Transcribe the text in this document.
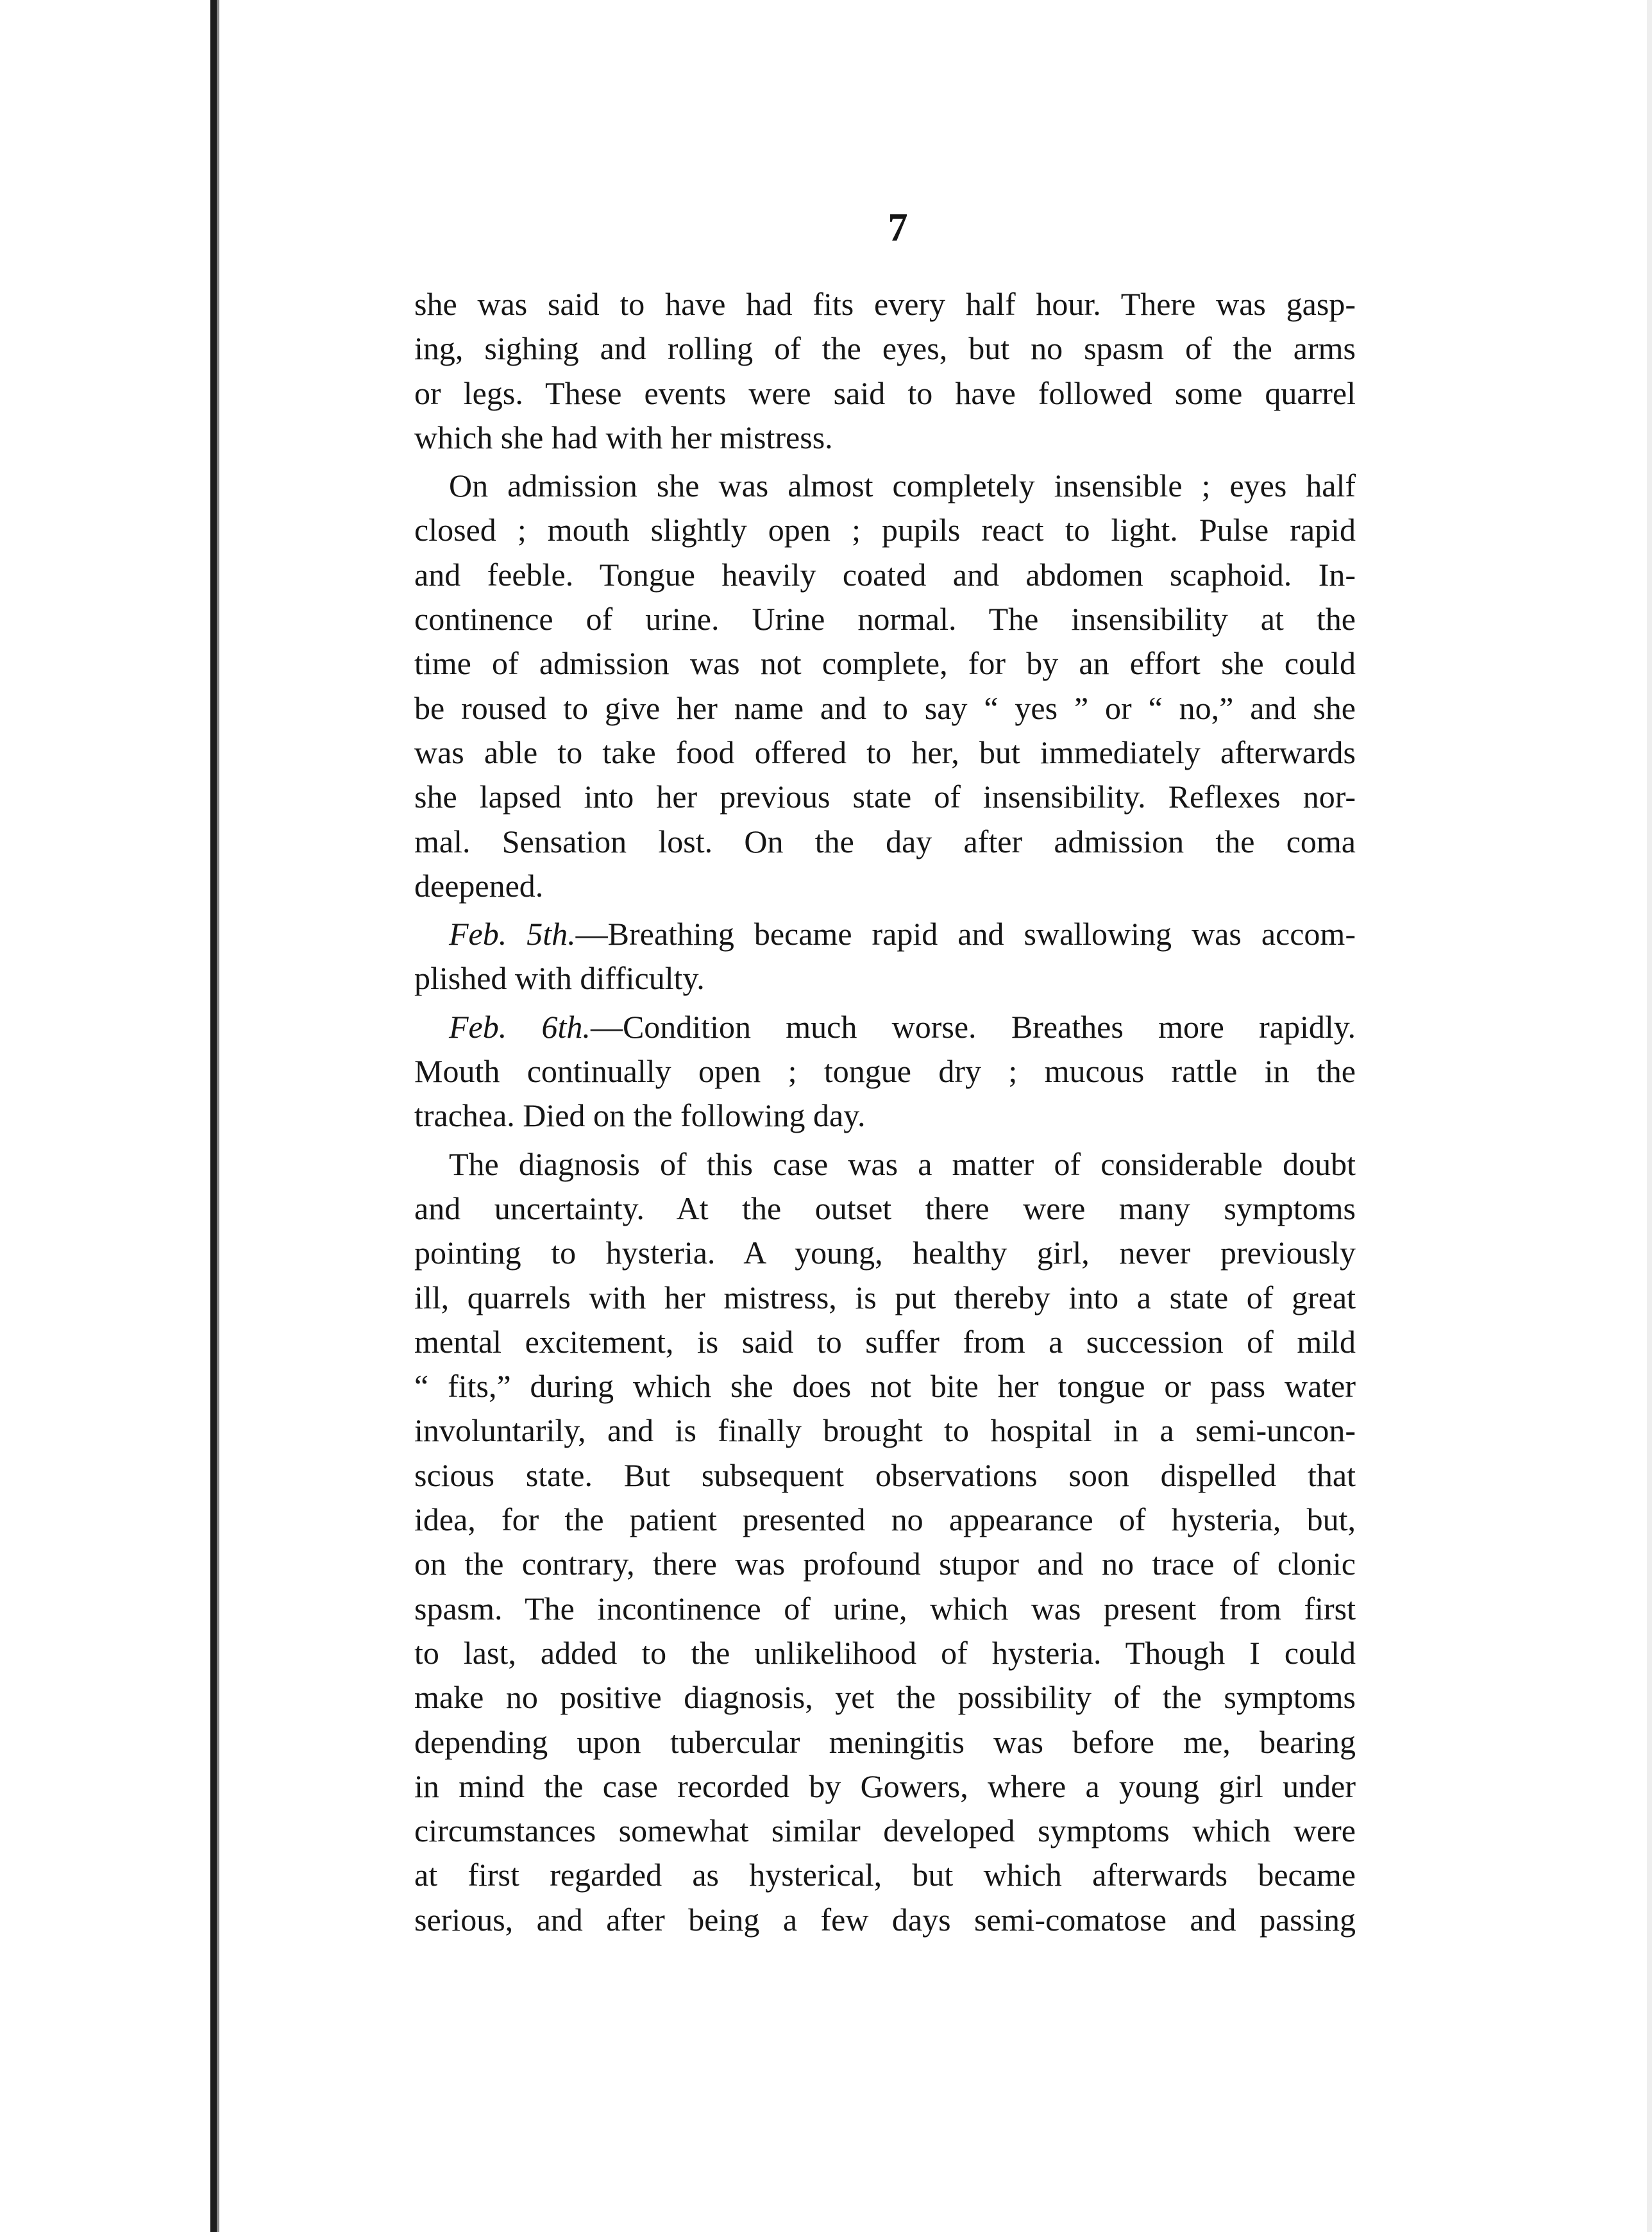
7
she was said to have had fits every half hour. There was gasp-
ing, sighing and rolling of the eyes, but no spasm of the arms
or legs. These events were said to have followed some quarrel
which she had with her mistress.
On admission she was almost completely insensible ; eyes half
closed ; mouth slightly open ; pupils react to light. Pulse rapid
and feeble. Tongue heavily coated and abdomen scaphoid. In-
continence of urine. Urine normal. The insensibility at the
time of admission was not complete, for by an effort she could
be roused to give her name and to say “ yes ” or “ no,” and she
was able to take food offered to her, but immediately afterwards
she lapsed into her previous state of insensibility. Reflexes nor-
mal. Sensation lost. On the day after admission the coma
deepened.
Feb. 5th.—Breathing became rapid and swallowing was accom-
plished with difficulty.
Feb. 6th.—Condition much worse. Breathes more rapidly.
Mouth continually open ; tongue dry ; mucous rattle in the
trachea. Died on the following day.
The diagnosis of this case was a matter of considerable doubt
and uncertainty. At the outset there were many symptoms
pointing to hysteria. A young, healthy girl, never previously
ill, quarrels with her mistress, is put thereby into a state of great
mental excitement, is said to suffer from a succession of mild
“ fits,” during which she does not bite her tongue or pass water
involuntarily, and is finally brought to hospital in a semi-uncon-
scious state. But subsequent observations soon dispelled that
idea, for the patient presented no appearance of hysteria, but,
on the contrary, there was profound stupor and no trace of clonic
spasm. The incontinence of urine, which was present from first
to last, added to the unlikelihood of hysteria. Though I could
make no positive diagnosis, yet the possibility of the symptoms
depending upon tubercular meningitis was before me, bearing
in mind the case recorded by Gowers, where a young girl under
circumstances somewhat similar developed symptoms which were
at first regarded as hysterical, but which afterwards became
serious, and after being a few days semi-comatose and passing
